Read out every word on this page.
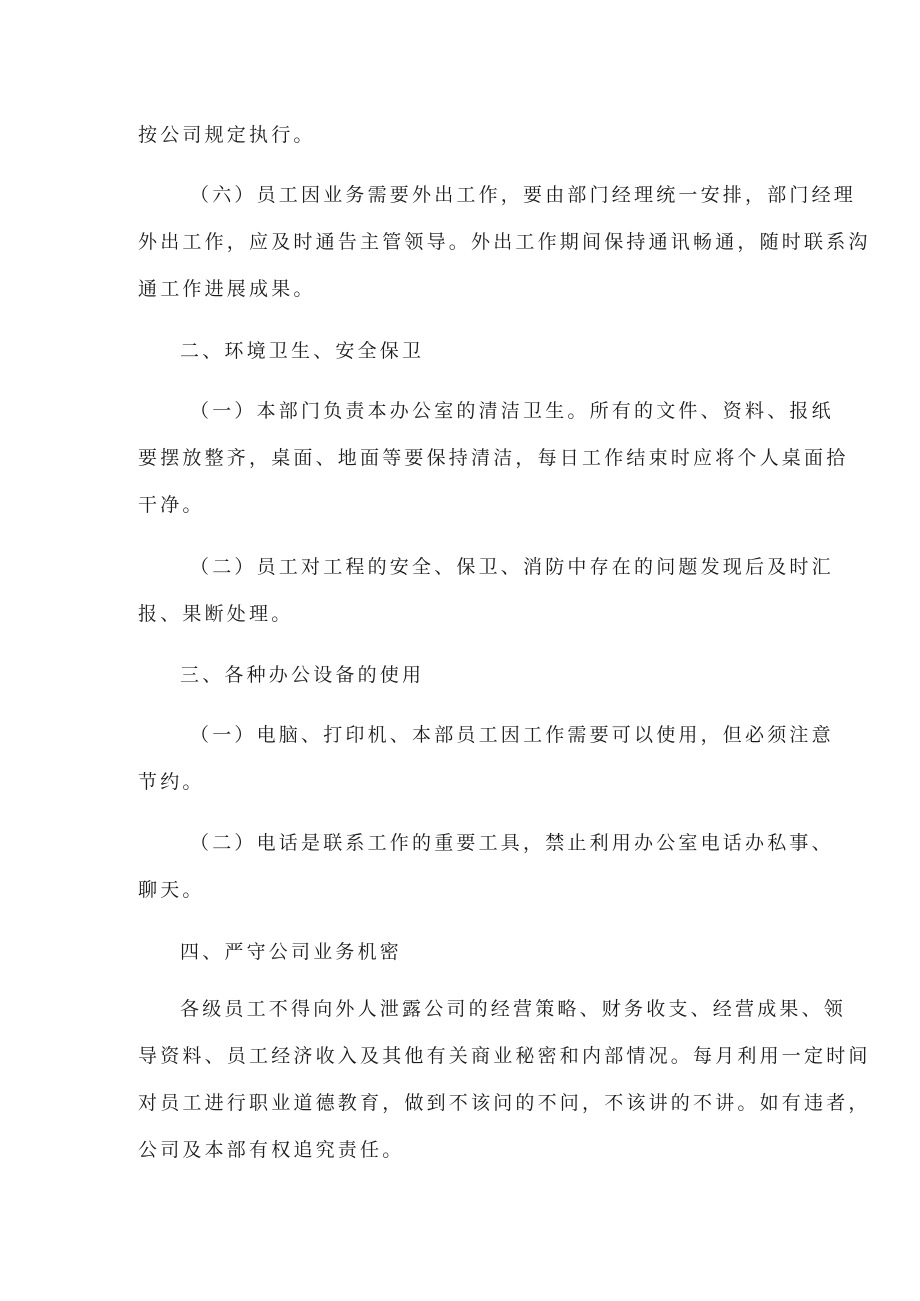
按公司规定执行。

（六）员工因业务需要外出工作，要由部门经理统一安排，部门经理
外出工作，应及时通告主管领导。外出工作期间保持通讯畅通，随时联系沟
通工作进展成果。

二、环境卫生、安全保卫

（一）本部门负责本办公室的清洁卫生。所有的文件、资料、报纸
要摆放整齐，桌面、地面等要保持清洁，每日工作结束时应将个人桌面拾
干净。

（二）员工对工程的安全、保卫、消防中存在的问题发现后及时汇
报、果断处理。

三、各种办公设备的使用

（一）电脑、打印机、本部员工因工作需要可以使用，但必须注意
节约。

（二）电话是联系工作的重要工具，禁止利用办公室电话办私事、
聊天。

四、严守公司业务机密

各级员工不得向外人泄露公司的经营策略、财务收支、经营成果、领
导资料、员工经济收入及其他有关商业秘密和内部情况。每月利用一定时间
对员工进行职业道德教育，做到不该问的不问，不该讲的不讲。如有违者，
公司及本部有权追究责任。
